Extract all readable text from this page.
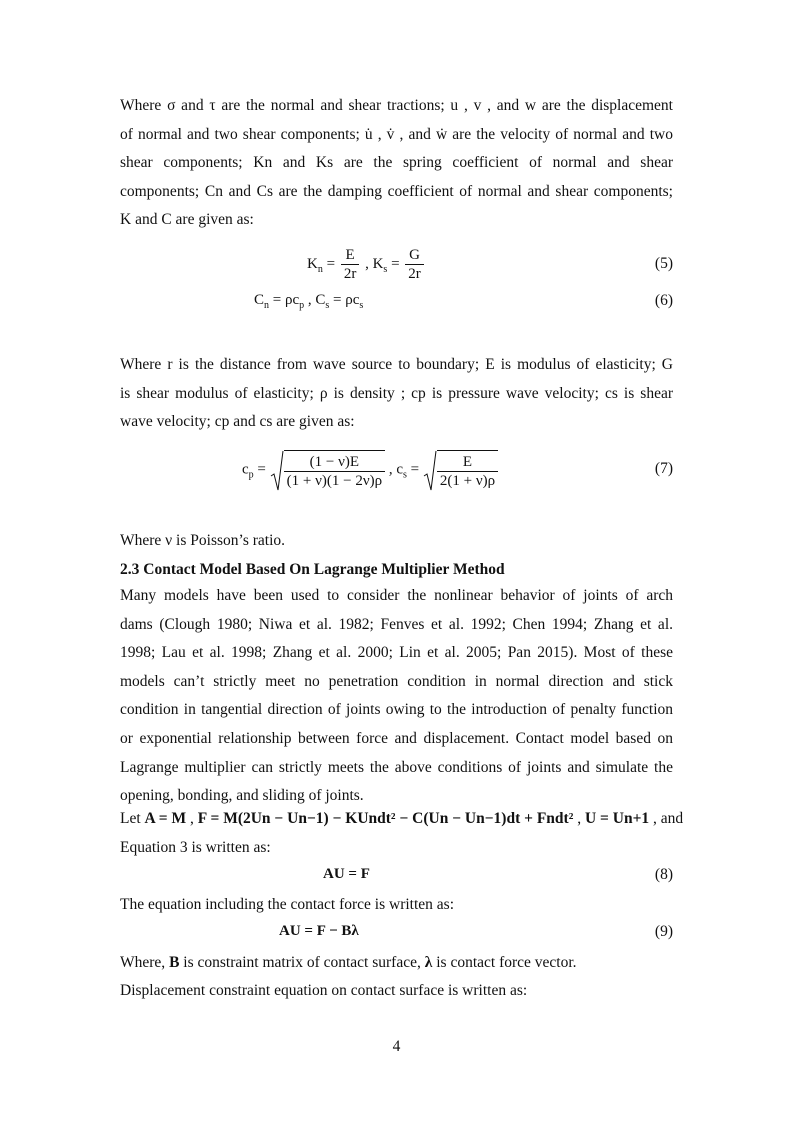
Where σ and τ are the normal and shear tractions; u , v , and w are the displacement
of normal and two shear components; u̇ , v̇ , and ẇ are the velocity of normal and two
shear components; Kn and Ks are the spring coefficient of normal and shear
components; Cn and Cs are the damping coefficient of normal and shear components;
K and C are given as:
$K_n = \frac{E}{2r}$ , $K_s = \frac{G}{2r}$	(5)
$C_n = \rho c_p$ , $C_s = \rho c_s$	(6)
Where r is the distance from wave source to boundary; E is modulus of elasticity; G
is shear modulus of elasticity; ρ is density ; cp is pressure wave velocity; cs is shear
wave velocity; cp and cs are given as:
$c_p = \frac{(1 - \nu)E}{(1 + \nu)(1 - 2\nu)\rho}$ , $c_s = \frac{E}{2(1 + \nu)\rho}$	(7)
Where ν is Poisson’s ratio.
2.3 Contact Model Based On Lagrange Multiplier Method
Many models have been used to consider the nonlinear behavior of joints of arch
dams (Clough 1980; Niwa et al. 1982; Fenves et al. 1992; Chen 1994; Zhang et al.
1998; Lau et al. 1998; Zhang et al. 2000; Lin et al. 2005; Pan 2015). Most of these
models can’t strictly meet no penetration condition in normal direction and stick
condition in tangential direction of joints owing to the introduction of penalty function
or exponential relationship between force and displacement. Contact model based on
Lagrange multiplier can strictly meets the above conditions of joints and simulate the
opening, bonding, and sliding of joints.
Let A = M , F = M(2Un − Un−1) − KUndt² − C(Un − Un−1)dt + Fndt² , U = Un+1 , and
Equation 3 is written as:
AU = F	(8)
The equation including the contact force is written as:
AU = F − Bλ	(9)
Where, B is constraint matrix of contact surface, λ is contact force vector.
Displacement constraint equation on contact surface is written as:
4
